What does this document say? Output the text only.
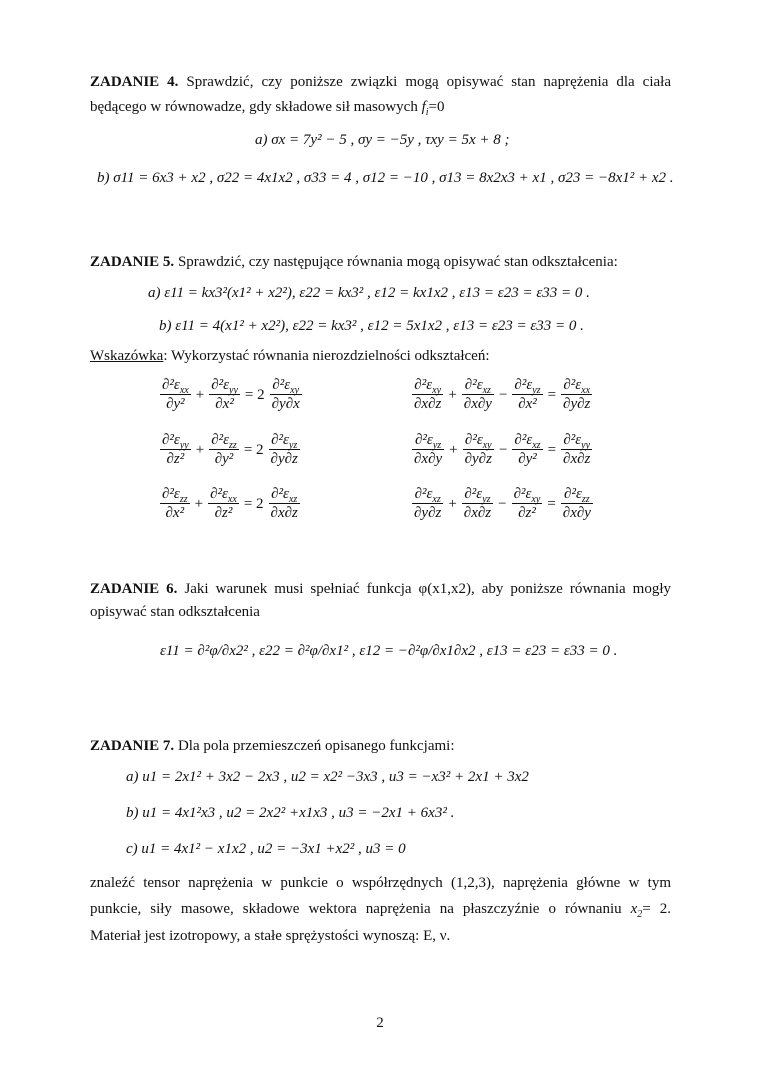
ZADANIE 4. Sprawdzić, czy poniższe związki mogą opisywać stan naprężenia dla ciała
będącego w równowadze, gdy składowe sił masowych $f_i=0$
a) σx = 7y² − 5 , σy = −5y , τxy = 5x + 8 ;
b) σ11 = 6x3 + x2 , σ22 = 4x1x2 , σ33 = 4 , σ12 = −10 , σ13 = 8x2x3 + x1 , σ23 = −8x1² + x2 .
ZADANIE 5. Sprawdzić, czy następujące równania mogą opisywać stan odkształcenia:
a) ε11 = kx3²(x1² + x2²), ε22 = kx3² , ε12 = kx1x2 , ε13 = ε23 = ε33 = 0 .
b) ε11 = 4(x1² + x2²), ε22 = kx3² , ε12 = 5x1x2 , ε13 = ε23 = ε33 = 0 .
Wskazówka: Wykorzystać równania nierozdzielności odkształceń:
$\frac{\partial^2\varepsilon_{xx}}{\text{∂y²}} + \frac{\partial^2\varepsilon_{yy}}{\text{∂x²}} = 2 \frac{\partial^2\varepsilon_{xy}}{\partial y\partial x}$
$\frac{\partial^2\varepsilon_{yy}}{\text{∂z²}} + \frac{\partial^2\varepsilon_{zz}}{\text{∂y²}} = 2 \frac{\partial^2\varepsilon_{yz}}{\partial y\partial z}$
$\frac{\partial^2\varepsilon_{zz}}{\text{∂x²}} + \frac{\partial^2\varepsilon_{xx}}{\text{∂z²}} = 2 \frac{\partial^2\varepsilon_{xz}}{\partial x\partial z}$
$\frac{\partial^2\varepsilon_{xy}}{\partial x\partial z} + \frac{\partial^2\varepsilon_{xz}}{\partial x\partial y} - \frac{\partial^2\varepsilon_{yz}}{\text{∂x²}} = \frac{\partial^2\varepsilon_{xx}}{\partial y\partial z}$
$\frac{\partial^2\varepsilon_{yz}}{\partial x\partial y} + \frac{\partial^2\varepsilon_{xy}}{\partial y\partial z} - \frac{\partial^2\varepsilon_{xz}}{\text{∂y²}} = \frac{\partial^2\varepsilon_{yy}}{\partial x\partial z}$
$\frac{\partial^2\varepsilon_{xz}}{\partial y\partial z} + \frac{\partial^2\varepsilon_{yz}}{\partial x\partial z} - \frac{\partial^2\varepsilon_{xy}}{\text{∂z²}} = \frac{\partial^2\varepsilon_{zz}}{\partial x\partial y}$
ZADANIE 6. Jaki warunek musi spełniać funkcja φ(x1,x2), aby poniższe równania mogły
opisywać stan odkształcenia
ε11 = ∂²φ/∂x2² , ε22 = ∂²φ/∂x1² , ε12 = −∂²φ/∂x1∂x2 , ε13 = ε23 = ε33 = 0 .
ZADANIE 7. Dla pola przemieszczeń opisanego funkcjami:
a) u1 = 2x1² + 3x2 − 2x3 , u2 = x2² −3x3 , u3 = −x3² + 2x1 + 3x2
b) u1 = 4x1²x3 , u2 = 2x2² +x1x3 , u3 = −2x1 + 6x3² .
c) u1 = 4x1² − x1x2 , u2 = −3x1 +x2² , u3 = 0
znaleźć tensor naprężenia w punkcie o współrzędnych (1,2,3), naprężenia główne w tym
punkcie, siły masowe, składowe wektora naprężenia na płaszczyźnie o równaniu $x_2= 2$.
Materiał jest izotropowy, a stałe sprężystości wynoszą: E, ν.
2
